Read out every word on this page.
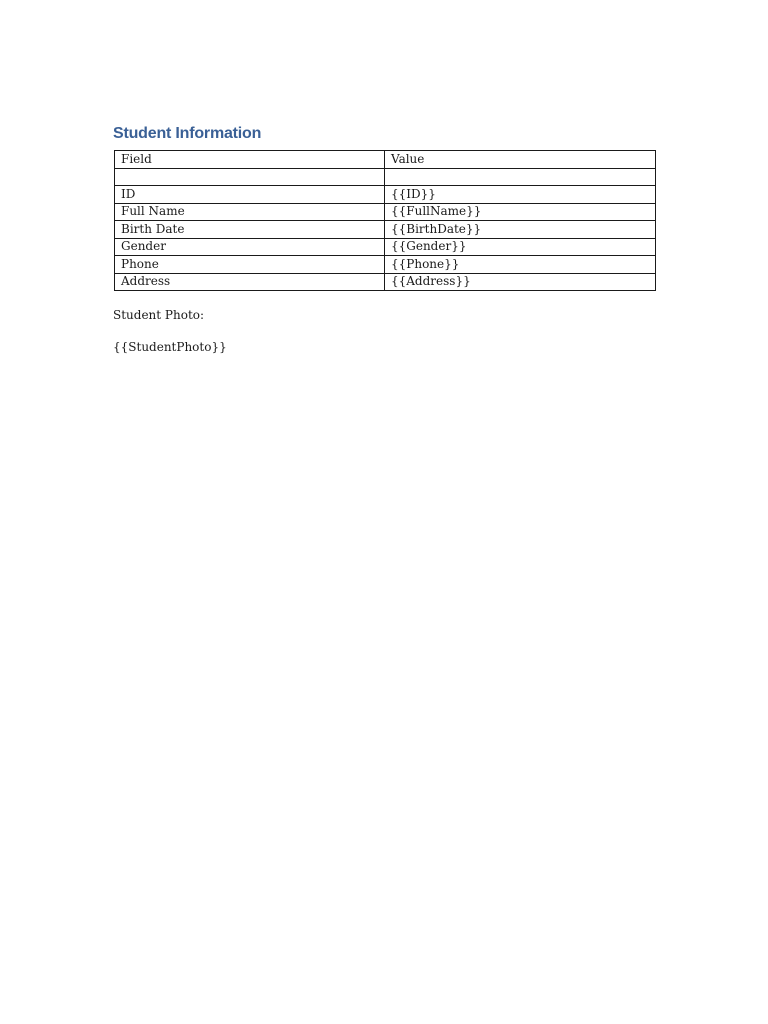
Student Information
Field	Value

ID	{{ID}}
Full Name	{{FullName}}
Birth Date	{{BirthDate}}
Gender	{{Gender}}
Phone	{{Phone}}
Address	{{Address}}
Student Photo:
{{StudentPhoto}}
